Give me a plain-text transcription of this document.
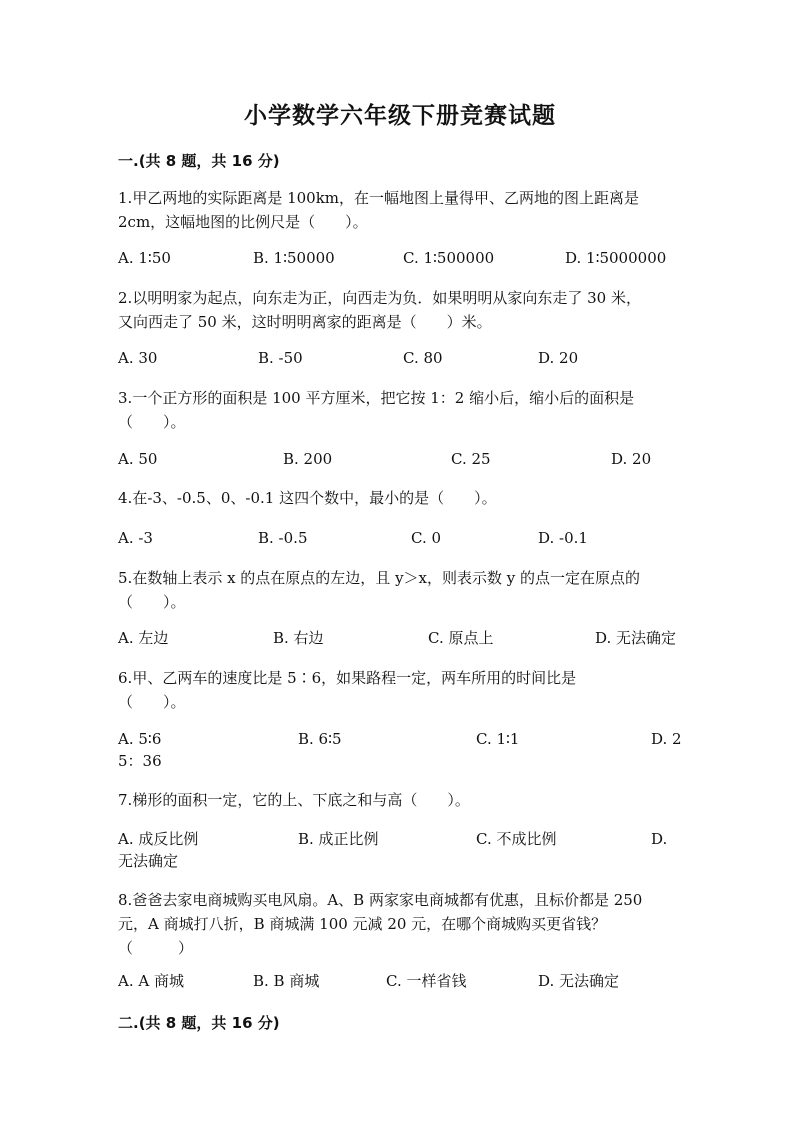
小学数学六年级下册竞赛试题
一.(共 8 题，共 16 分)
1.甲乙两地的实际距离是 100km，在一幅地图上量得甲、乙两地的图上距离是
2cm，这幅地图的比例尺是（　　）。
A. 1∶50	B. 1∶50000	C. 1∶500000	D. 1∶5000000
2.以明明家为起点，向东走为正，向西走为负．如果明明从家向东走了 30 米，
又向西走了 50 米，这时明明离家的距离是（　　）米。
A. 30	B. -50	C. 80	D. 20
3.一个正方形的面积是 100 平方厘米，把它按 1：2 缩小后，缩小后的面积是
（　　）。
A. 50	B. 200	C. 25	D. 20
4.在-3、-0.5、0、-0.1 这四个数中，最小的是（　　）。
A. -3	B. -0.5	C. 0	D. -0.1
5.在数轴上表示 x 的点在原点的左边，且 y＞x，则表示数 y 的点一定在原点的
（　　）。
A. 左边	B. 右边	C. 原点上	D. 无法确定
6.甲、乙两车的速度比是 5∶6，如果路程一定，两车所用的时间比是
（　　）。
A. 5∶6	B. 6∶5	C. 1∶1	D. 2
5：36
7.梯形的面积一定，它的上、下底之和与高（　　）。
A. 成反比例	B. 成正比例	C. 不成比例	D.
无法确定
8.爸爸去家电商城购买电风扇。A、B 两家家电商城都有优惠，且标价都是 250
元，A 商城打八折，B 商城满 100 元减 20 元，在哪个商城购买更省钱？
（　　　）
A. A 商城	B. B 商城	C. 一样省钱	D. 无法确定
二.(共 8 题，共 16 分)
